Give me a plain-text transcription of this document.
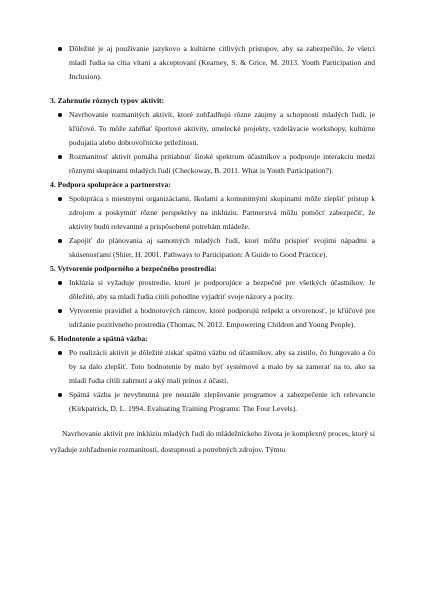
Dôležité je aj používanie jazykovo a kultúrne citlivých prístupov, aby sa zabezpečilo, že všetci mladí ľudia sa cítia vítaní a akceptovaní (Kearney, S. & Grice, M. 2013. Youth Participation and Inclusion).

3. Zahrnutie rôznych typov aktivít:

Navrhovanie rozmanitých aktivít, ktoré zohľadňujú rôzne záujmy a schopnosti mladých ľudí, je kľúčové. To môže zahŕňať športové aktivity, umelecké projekty, vzdelávacie workshopy, kultúrne podujatia alebo dobrovoľnícke príležitosti.
Rozmanitosť aktivít pomáha pritiahnuť široké spektrum účastníkov a podporuje interakciu medzi rôznymi skupinami mladých ľudí (Checkoway, B. 2011. What is Youth Participation?).

4. Podpora spolupráce a partnerstva:

Spolupráca s miestnymi organizáciami, školami a komunitnými skupinami môže zlepšiť prístup k zdrojom a poskytnúť rôzne perspektívy na inklúziu. Partnerstvá môžu pomôcť zabezpečiť, že aktivity budú relevantné a prispôsobené potrebám mládeže.
Zapojiť do plánovania aj samotných mladých ľudí, ktorí môžu prispieť svojimi nápadmi a skúsenosťami (Shier, H. 2001. Pathways to Participation: A Guide to Good Practice).

5. Vytvorenie podporného a bezpečného prostredia:

Inklúzia si vyžaduje prostredie, ktoré je podporujúce a bezpečné pre všetkých účastníkov. Je dôležité, aby sa mladí ľudia cítili pohodlne vyjadriť svoje názory a pocity.
Vytvorenie pravidiel a hodnotových rámcov, ktoré podporujú rešpekt a otvorenosť, je kľúčové pre udržanie pozitívneho prostredia (Thomas, N. 2012. Empowering Children and Young People).

6. Hodnotenie a spätná väzba:

Po realizácii aktivít je dôležité získať spätnú väzbu od účastníkov, aby sa zistilo, čo fungovalo a čo by sa dalo zlepšiť. Toto hodnotenie by malo byť systémové a malo by sa zamerať na to, ako sa mladí ľudia cítili zahrnutí a aký mali prínos z účasti.
Spätná väzba je nevyhnutná pre neustále zlepšovanie programov a zabezpečenie ich relevancie (Kirkpatrick, D. L. 1994. Evaluating Training Programs: The Four Levels).

Navrhovanie aktivít pre inklúziu mladých ľudí do mládežníckeho života je komplexný proces, ktorý si vyžaduje zohľadnenie rozmanitosti, dostupnosti a potrebných zdrojov. Týmto
